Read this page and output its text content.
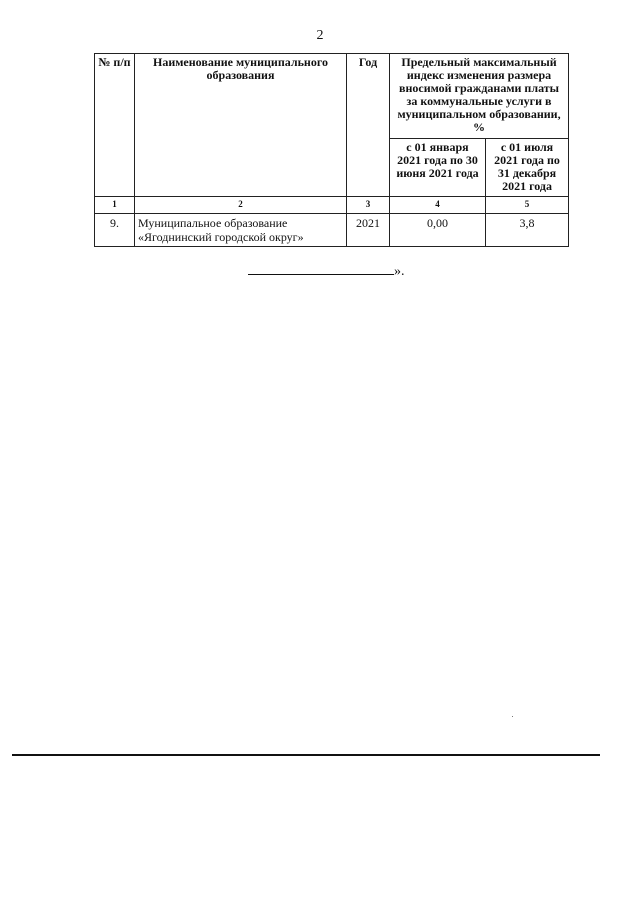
2
№ п/п	Наименование муниципального образования	Год	Предельный максимальный индекс изменения размера вносимой гражданами платы за коммунальные услуги в муниципальном образовании, %	
			с 01 января 2021 года по 30 июня 2021 года	с 01 июля 2021 года по 31 декабря 2021 года
1	2	3	4	5
9.	Муниципальное образование «Ягоднинский городской округ»	2021	0,00	3,8
».
